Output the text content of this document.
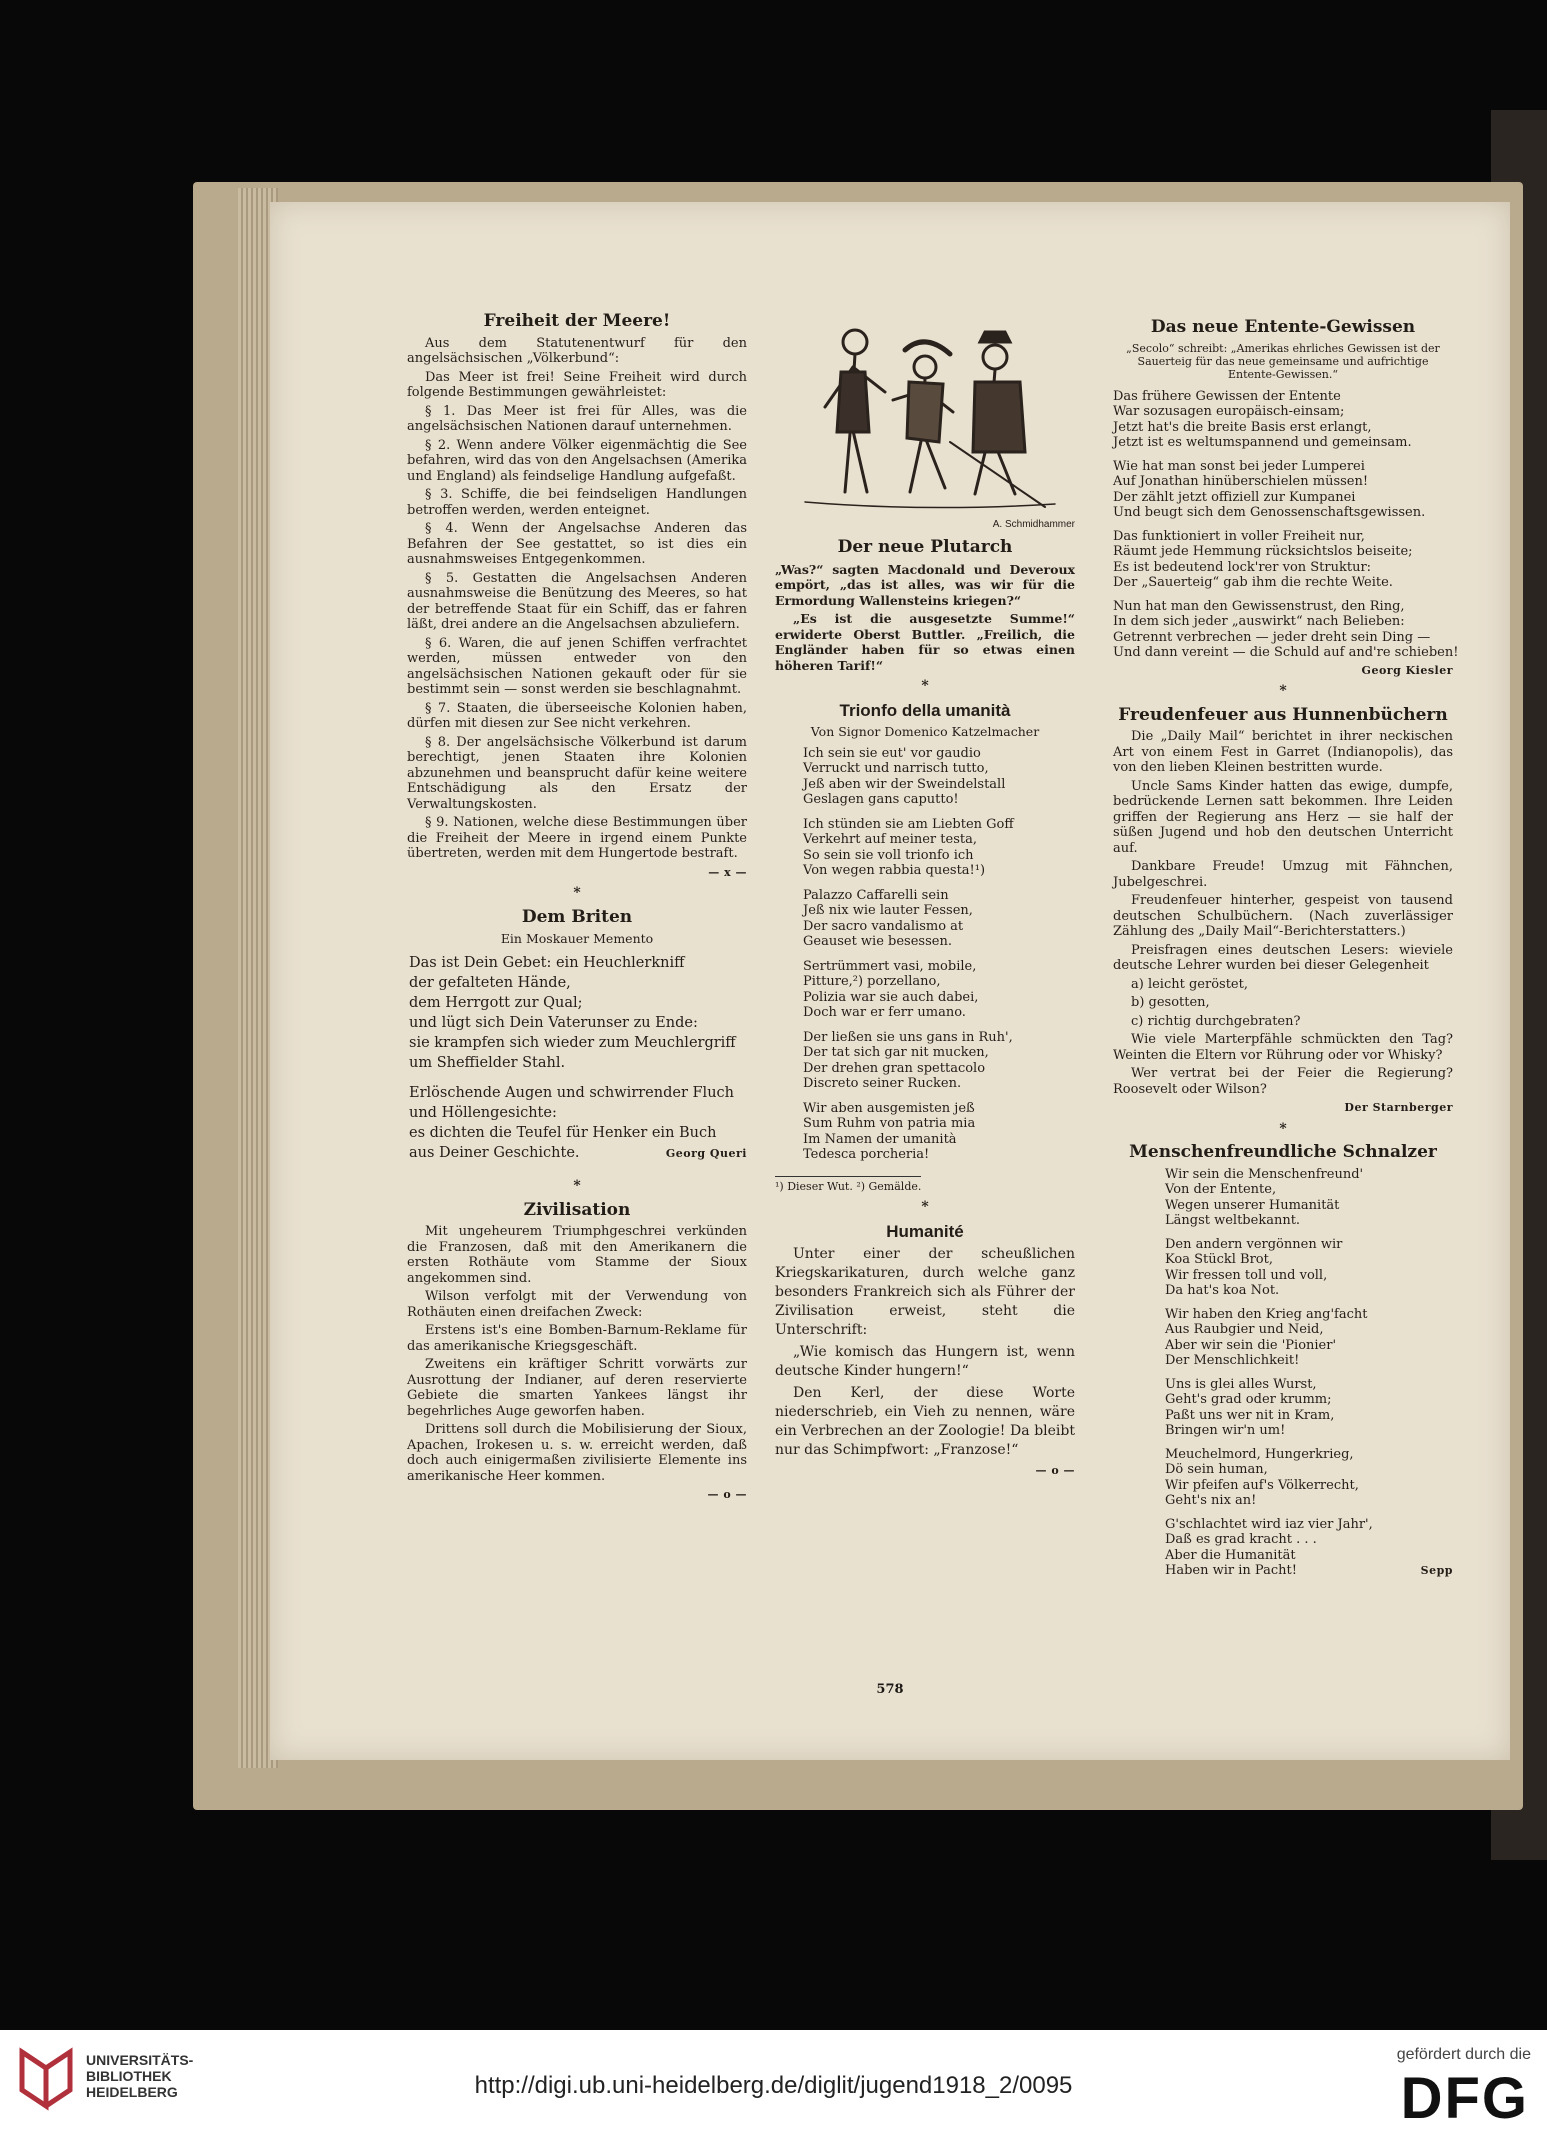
Freiheit der Meere!

Aus dem Statutenentwurf für den angelsächsischen „Völkerbund“:

Das Meer ist frei! Seine Freiheit wird durch folgende Bestimmungen gewährleistet:

§ 1. Das Meer ist frei für Alles, was die angelsächsischen Nationen darauf unternehmen.

§ 2. Wenn andere Völker eigenmächtig die See befahren, wird das von den Angelsachsen (Amerika und England) als feindselige Handlung aufgefaßt.

§ 3. Schiffe, die bei feindseligen Handlungen betroffen werden, werden enteignet.

§ 4. Wenn der Angelsachse Anderen das Befahren der See gestattet, so ist dies ein ausnahmsweises Entgegenkommen.

§ 5. Gestatten die Angelsachsen Anderen ausnahmsweise die Benützung des Meeres, so hat der betreffende Staat für ein Schiff, das er fahren läßt, drei andere an die Angelsachsen abzuliefern.

§ 6. Waren, die auf jenen Schiffen verfrachtet werden, müssen entweder von den angelsächsischen Nationen gekauft oder für sie bestimmt sein — sonst werden sie beschlagnahmt.

§ 7. Staaten, die überseeische Kolonien haben, dürfen mit diesen zur See nicht verkehren.

§ 8. Der angelsächsische Völkerbund ist darum berechtigt, jenen Staaten ihre Kolonien abzunehmen und beansprucht dafür keine weitere Entschädigung als den Ersatz der Verwaltungskosten.

§ 9. Nationen, welche diese Bestimmungen über die Freiheit der Meere in irgend einem Punkte übertreten, werden mit dem Hungertode bestraft.

— x —
*
Dem Briten
Ein Moskauer Memento
Das ist Dein Gebet: ein Heuchlerkniff
der gefalteten Hände,
dem Herrgott zur Qual;
und lügt sich Dein Vaterunser zu Ende:
sie krampfen sich wieder zum Meuchlergriff
um Sheffielder Stahl.
Erlöschende Augen und schwirrender Fluch
und Höllengesichte:
es dichten die Teufel für Henker ein Buch
aus Deiner Geschichte.	Georg Queri
*
Zivilisation

Mit ungeheurem Triumphgeschrei verkünden die Franzosen, daß mit den Amerikanern die ersten Rothäute vom Stamme der Sioux angekommen sind.

Wilson verfolgt mit der Verwendung von Rothäuten einen dreifachen Zweck:

Erstens ist's eine Bomben-Barnum-Reklame für das amerikanische Kriegsgeschäft.

Zweitens ein kräftiger Schritt vorwärts zur Ausrottung der Indianer, auf deren reservierte Gebiete die smarten Yankees längst ihr begehrliches Auge geworfen haben.

Drittens soll durch die Mobilisierung der Sioux, Apachen, Irokesen u. s. w. erreicht werden, daß doch auch einigermaßen zivilisierte Elemente ins amerikanische Heer kommen.

— o —
A. Schmidhammer
Der neue Plutarch

„Was?“ sagten Macdonald und Deveroux empört, „das ist alles, was wir für die Ermordung Wallensteins kriegen?“

„Es ist die ausgesetzte Summe!“ erwiderte Oberst Buttler. „Freilich, die Engländer haben für so etwas einen höheren Tarif!“

*
Trionfo della umanità
Von Signor Domenico Katzelmacher
Ich sein sie eut' vor gaudio
Verruckt und narrisch tutto,
Jeß aben wir der Sweindelstall
Geslagen gans caputto!
Ich stünden sie am Liebten Goff
Verkehrt auf meiner testa,
So sein sie voll trionfo ich
Von wegen rabbia questa!¹)
Palazzo Caffarelli sein
Jeß nix wie lauter Fessen,
Der sacro vandalismo at
Geauset wie besessen.
Sertrümmert vasi, mobile,
Pitture,²) porzellano,
Polizia war sie auch dabei,
Doch war er ferr umano.
Der ließen sie uns gans in Ruh',
Der tat sich gar nit mucken,
Der drehen gran spettacolo
Discreto seiner Rucken.
Wir aben ausgemisten jeß
Sum Ruhm von patria mia
Im Namen der umanità
Tedesca porcheria!
¹) Dieser Wut. ²) Gemälde.
*
Humanité

Unter einer der scheußlichen Kriegskarikaturen, durch welche ganz besonders Frankreich sich als Führer der Zivilisation erweist, steht die Unterschrift:

„Wie komisch das Hungern ist, wenn deutsche Kinder hungern!“

Den Kerl, der diese Worte niederschrieb, ein Vieh zu nennen, wäre ein Verbrechen an der Zoologie! Da bleibt nur das Schimpfwort: „Franzose!“

— o —
Das neue Entente-Gewissen
„Secolo“ schreibt: „Amerikas ehrliches Gewissen ist der Sauerteig für das neue gemeinsame und aufrichtige Entente-Gewissen.“
Das frühere Gewissen der Entente
War sozusagen europäisch-einsam;
Jetzt hat's die breite Basis erst erlangt,
Jetzt ist es weltumspannend und gemeinsam.
Wie hat man sonst bei jeder Lumperei
Auf Jonathan hinüberschielen müssen!
Der zählt jetzt offiziell zur Kumpanei
Und beugt sich dem Genossenschaftsgewissen.
Das funktioniert in voller Freiheit nur,
Räumt jede Hemmung rücksichtslos beiseite;
Es ist bedeutend lock'rer von Struktur:
Der „Sauerteig“ gab ihm die rechte Weite.
Nun hat man den Gewissenstrust, den Ring,
In dem sich jeder „auswirkt“ nach Belieben:
Getrennt verbrechen — jeder dreht sein Ding —
Und dann vereint — die Schuld auf and're schieben!
Georg Kiesler
*
Freudenfeuer aus Hunnenbüchern

Die „Daily Mail“ berichtet in ihrer neckischen Art von einem Fest in Garret (Indianopolis), das von den lieben Kleinen bestritten wurde.

Uncle Sams Kinder hatten das ewige, dumpfe, bedrückende Lernen satt bekommen. Ihre Leiden griffen der Regierung ans Herz — sie half der süßen Jugend und hob den deutschen Unterricht auf.

Dankbare Freude! Umzug mit Fähnchen, Jubelgeschrei.

Freudenfeuer hinterher, gespeist von tausend deutschen Schulbüchern. (Nach zuverlässiger Zählung des „Daily Mail“-Berichterstatters.)

Preisfragen eines deutschen Lesers: wieviele deutsche Lehrer wurden bei dieser Gelegenheit

a) leicht geröstet,

b) gesotten,

c) richtig durchgebraten?

Wie viele Marterpfähle schmückten den Tag? Weinten die Eltern vor Rührung oder vor Whisky?

Wer vertrat bei der Feier die Regierung? Roosevelt oder Wilson?

Der Starnberger
*
Menschenfreundliche Schnalzer
Wir sein die Menschenfreund'
Von der Entente,
Wegen unserer Humanität
Längst weltbekannt.
Den andern vergönnen wir
Koa Stückl Brot,
Wir fressen toll und voll,
Da hat's koa Not.
Wir haben den Krieg ang'facht
Aus Raubgier und Neid,
Aber wir sein die 'Pionier'
Der Menschlichkeit!
Uns is glei alles Wurst,
Geht's grad oder krumm;
Paßt uns wer nit in Kram,
Bringen wir'n um!
Meuchelmord, Hungerkrieg,
Dö sein human,
Wir pfeifen auf's Völkerrecht,
Geht's nix an!
G'schlachtet wird iaz vier Jahr',
Daß es grad kracht . . .
Aber die Humanität
Haben wir in Pacht!	Sepp
578
UNIVERSITÄTS-
BIBLIOTHEK
HEIDELBERG	http://digi.ub.uni-heidelberg.de/diglit/jugend1918_2/0095
gefördert durch die
DFG
